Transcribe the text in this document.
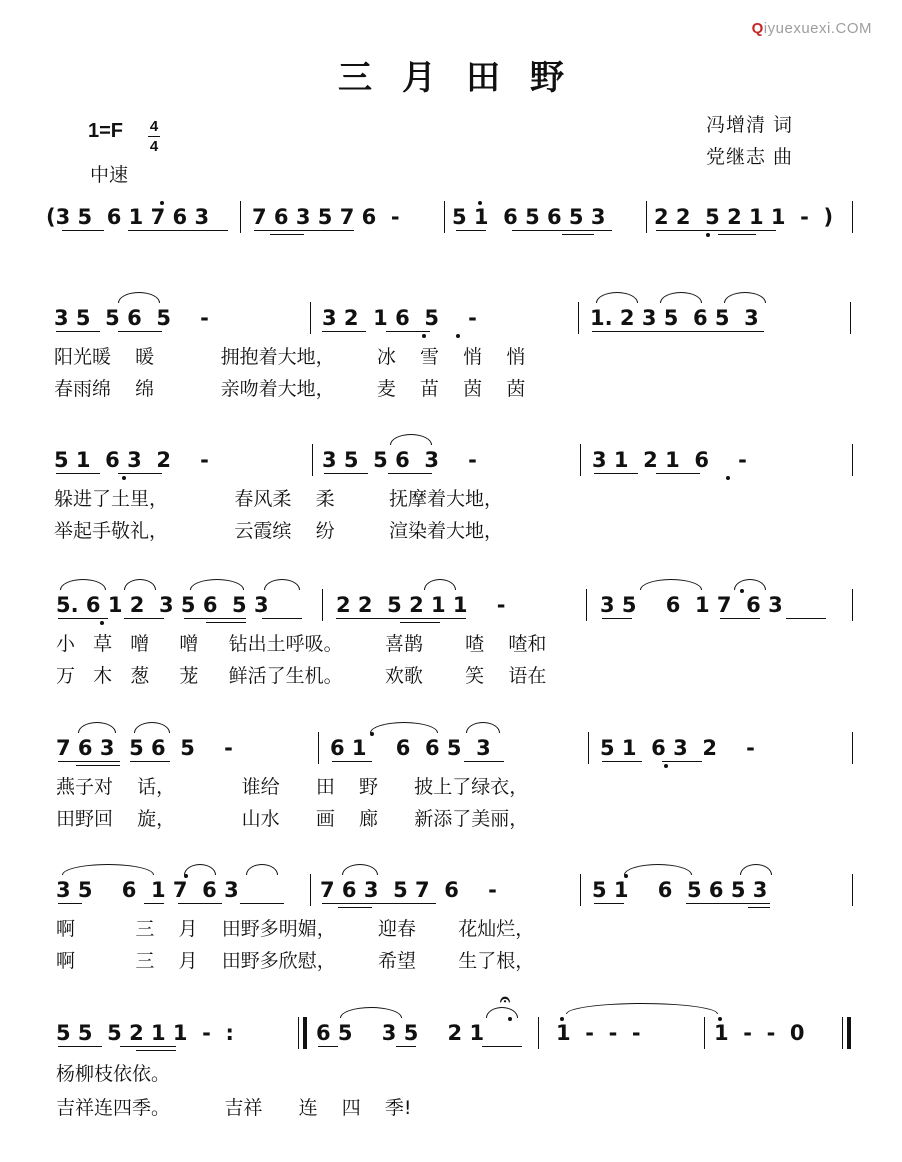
Qiyuexuexi.COM
三月田野
1=F 4
4
中速
冯增清 词
党继志 曲
(3 5  6 1 7 6 3 7 6 3 5 7 6  - 5 1  6 5 6 5 3 2 2  5 2 1 1  -  )
3 5  5 6  5    -	3 2  1 6  5    -	1. 2 3 5  6 5  3
阳光暖    暖           拥抱着大地，       冰    雪    悄    悄
春雨绵    绵           亲吻着大地，       麦    苗    茵    茵
5 1  6 3  2    -	3 5  5 6  3    -	3 1  2 1  6    -
躲进了土里，           春风柔    柔         抚摩着大地，
举起手敬礼，           云霞缤    纷         渲染着大地，
5. 6 1 2  3 5 6  5 3	2 2  5 2 1 1    -	3 5    6  1 7  6 3
小   草   噌     噌     钻出土呼吸。       喜鹊       喳    喳和
万   木   葱     茏     鲜活了生机。       欢歌       笑    语在
7 6 3  5 6  5    -	6 1    6  6 5  3	5 1  6 3  2    -
燕子对    话，           谁给      田    野      披上了绿衣，
田野回    旋，           山水      画    廊      新添了美丽，
3 5    6  1 7  6 3	7 6 3  5 7  6    -	5 1    6  5 6 5 3
啊          三    月    田野多明媚，       迎春       花灿烂，
啊          三    月    田野多欣慰，       希望       生了根，
5 5  5 2 1 1  -  :	6 5    3 5    2 1	1  -  -  -	1  -  -  0
𝄐
杨柳枝依依。
吉祥连四季。         吉祥      连    四    季!
